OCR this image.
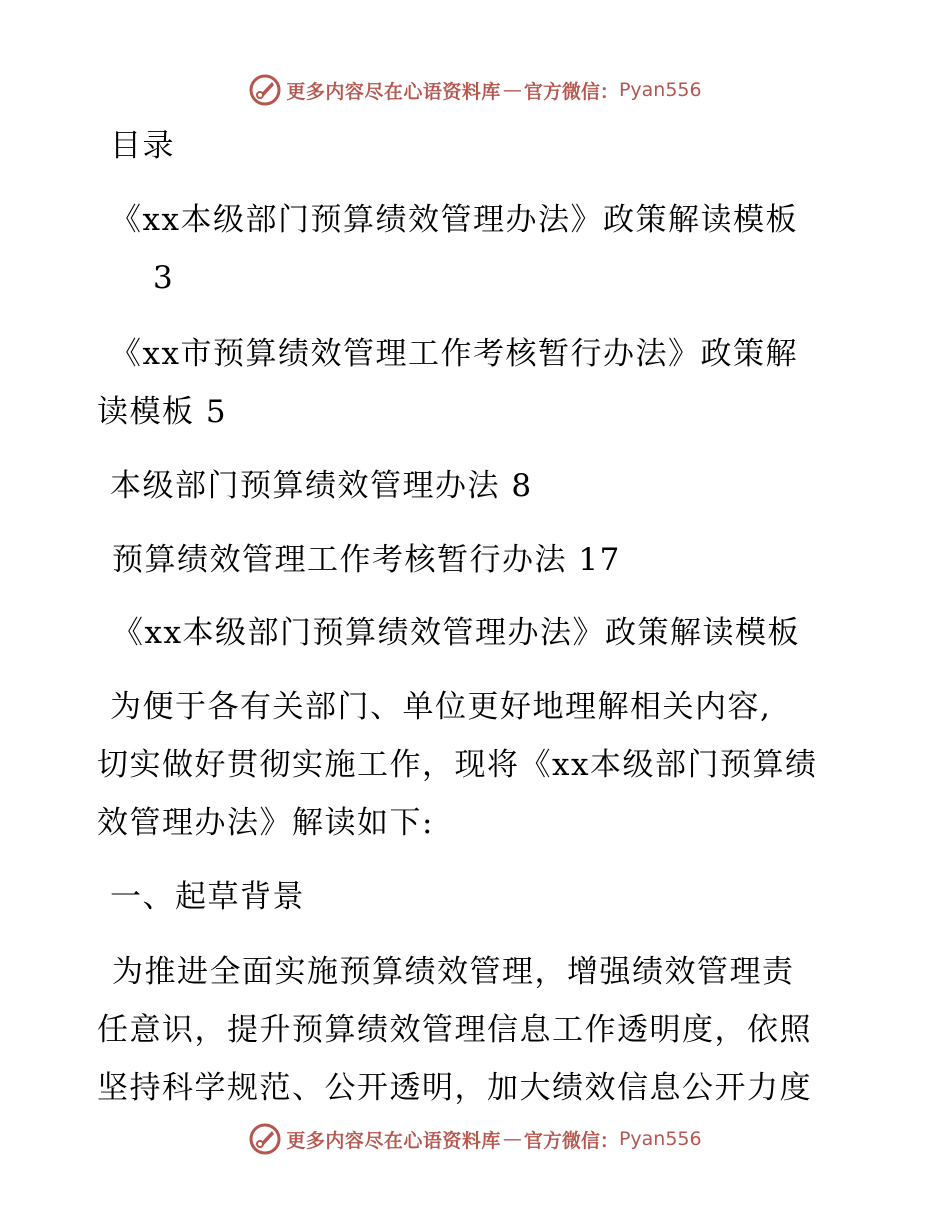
更多内容尽在心语资料库 — 官方微信： Pyan556
目录
《xx本级部门预算绩效管理办法》政策解读模板
3
《xx市预算绩效管理工作考核暂行办法》政策解
读模板 5
本级部门预算绩效管理办法 8
预算绩效管理工作考核暂行办法 17
《xx本级部门预算绩效管理办法》政策解读模板
为便于各有关部门、单位更好地理解相关内容,
切实做好贯彻实施工作，现将《xx本级部门预算绩
效管理办法》解读如下:
一、起草背景
为推进全面实施预算绩效管理，增强绩效管理责
任意识，提升预算绩效管理信息工作透明度，依照
坚持科学规范、公开透明，加大绩效信息公开力度
更多内容尽在心语资料库 — 官方微信： Pyan556
